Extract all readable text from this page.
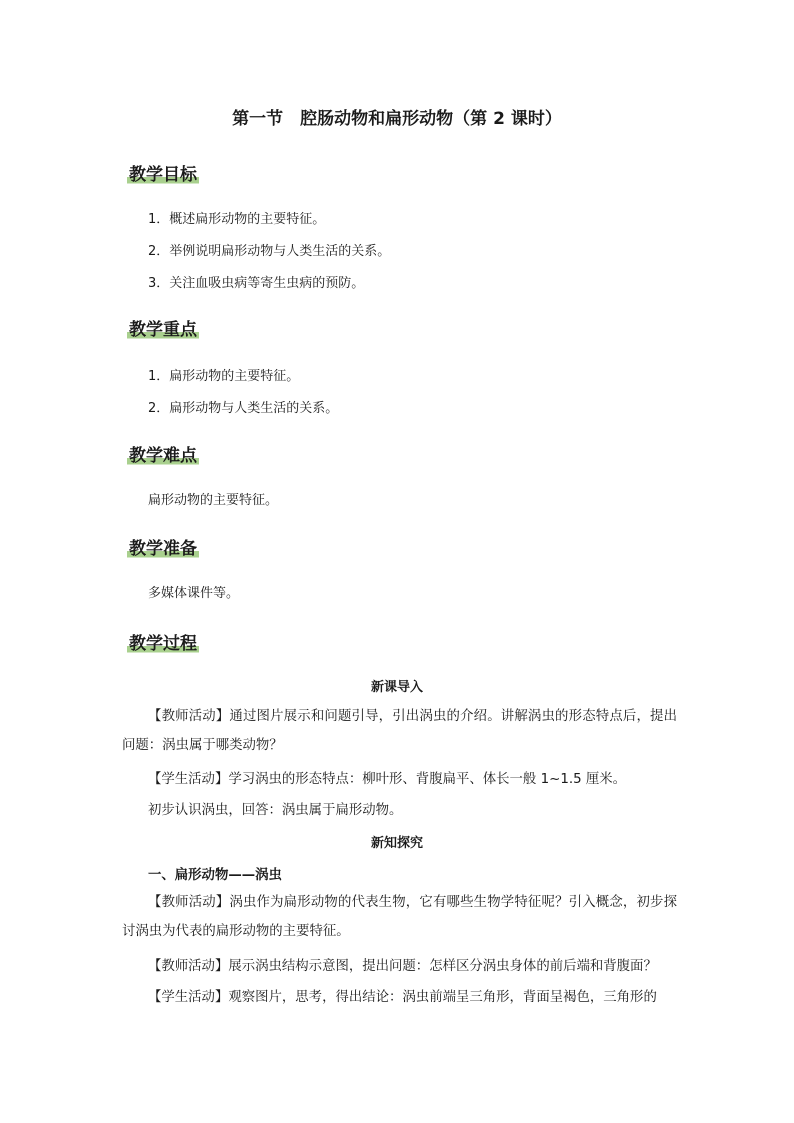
第一节　腔肠动物和扁形动物（第 2 课时）
教学目标
1．概述扁形动物的主要特征。
2．举例说明扁形动物与人类生活的关系。
3．关注血吸虫病等寄生虫病的预防。
教学重点
1．扁形动物的主要特征。
2．扁形动物与人类生活的关系。
教学难点
扁形动物的主要特征。
教学准备
多媒体课件等。
教学过程
新课导入
【教师活动】通过图片展示和问题引导，引出涡虫的介绍。讲解涡虫的形态特点后，提出问题：涡虫属于哪类动物？
【学生活动】学习涡虫的形态特点：柳叶形、背腹扁平、体长一般 1~1.5 厘米。
初步认识涡虫，回答：涡虫属于扁形动物。
新知探究
一、扁形动物——涡虫
【教师活动】涡虫作为扁形动物的代表生物，它有哪些生物学特征呢？引入概念，初步探讨涡虫为代表的扁形动物的主要特征。
【教师活动】展示涡虫结构示意图，提出问题：怎样区分涡虫身体的前后端和背腹面？
【学生活动】观察图片，思考，得出结论：涡虫前端呈三角形，背面呈褐色，三角形的
